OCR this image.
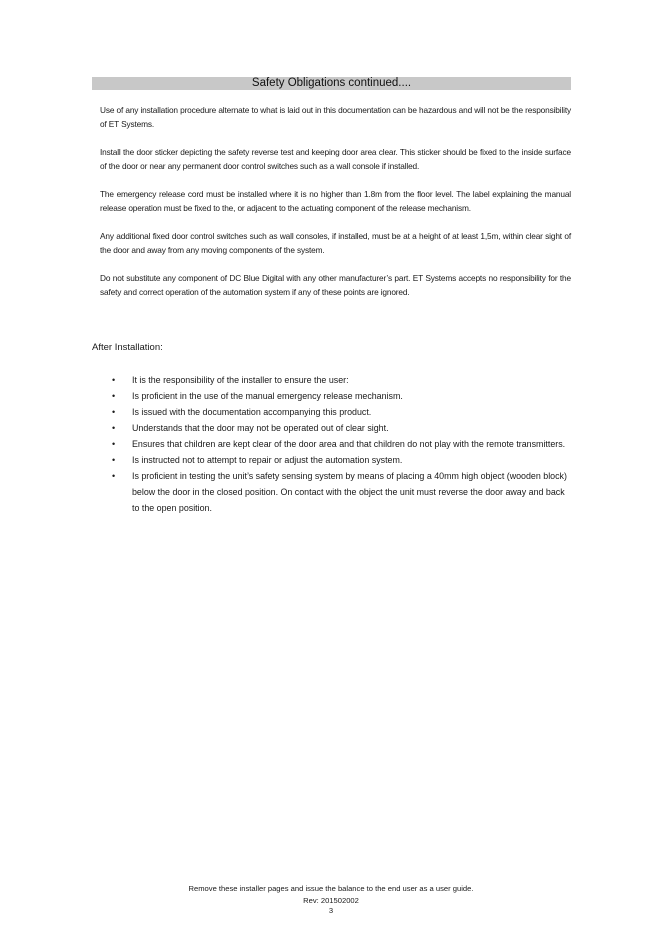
Safety Obligations continued....

Use of any installation procedure alternate to what is laid out in this documentation can be hazardous and will not be the responsibility of ET Systems.

Install the door sticker depicting the safety reverse test and keeping door area clear. This sticker should be fixed to the inside surface of the door or near any permanent door control switches such as a wall console if installed.

The emergency release cord must be installed where it is no higher than 1.8m from the floor level. The label explaining the manual release operation must be fixed to the, or adjacent to the actuating component of the release mechanism.

Any additional fixed door control switches such as wall consoles, if installed, must be at a height of at least 1,5m, within clear sight of the door and away from any moving components of the system.

Do not substitute any component of DC Blue Digital with any other manufacturer’s part. ET Systems accepts no responsibility for the safety and correct operation of the automation system if any of these points are ignored.

After Installation:
• It is the responsibility of the installer to ensure the user:
• Is proficient in the use of the manual emergency release mechanism.
• Is issued with the documentation accompanying this product.
• Understands that the door may not be operated out of clear sight.
• Ensures that children are kept clear of the door area and that children do not play with the remote transmitters.
• Is instructed not to attempt to repair or adjust the automation system.
• Is proficient in testing the unit’s safety sensing system by means of placing a 40mm high object (wooden block) below the door in the closed position. On contact with the object the unit must reverse the door away and back to the open position.
Remove these installer pages and issue the balance to the end user as a user guide.
Rev: 201502002
3
